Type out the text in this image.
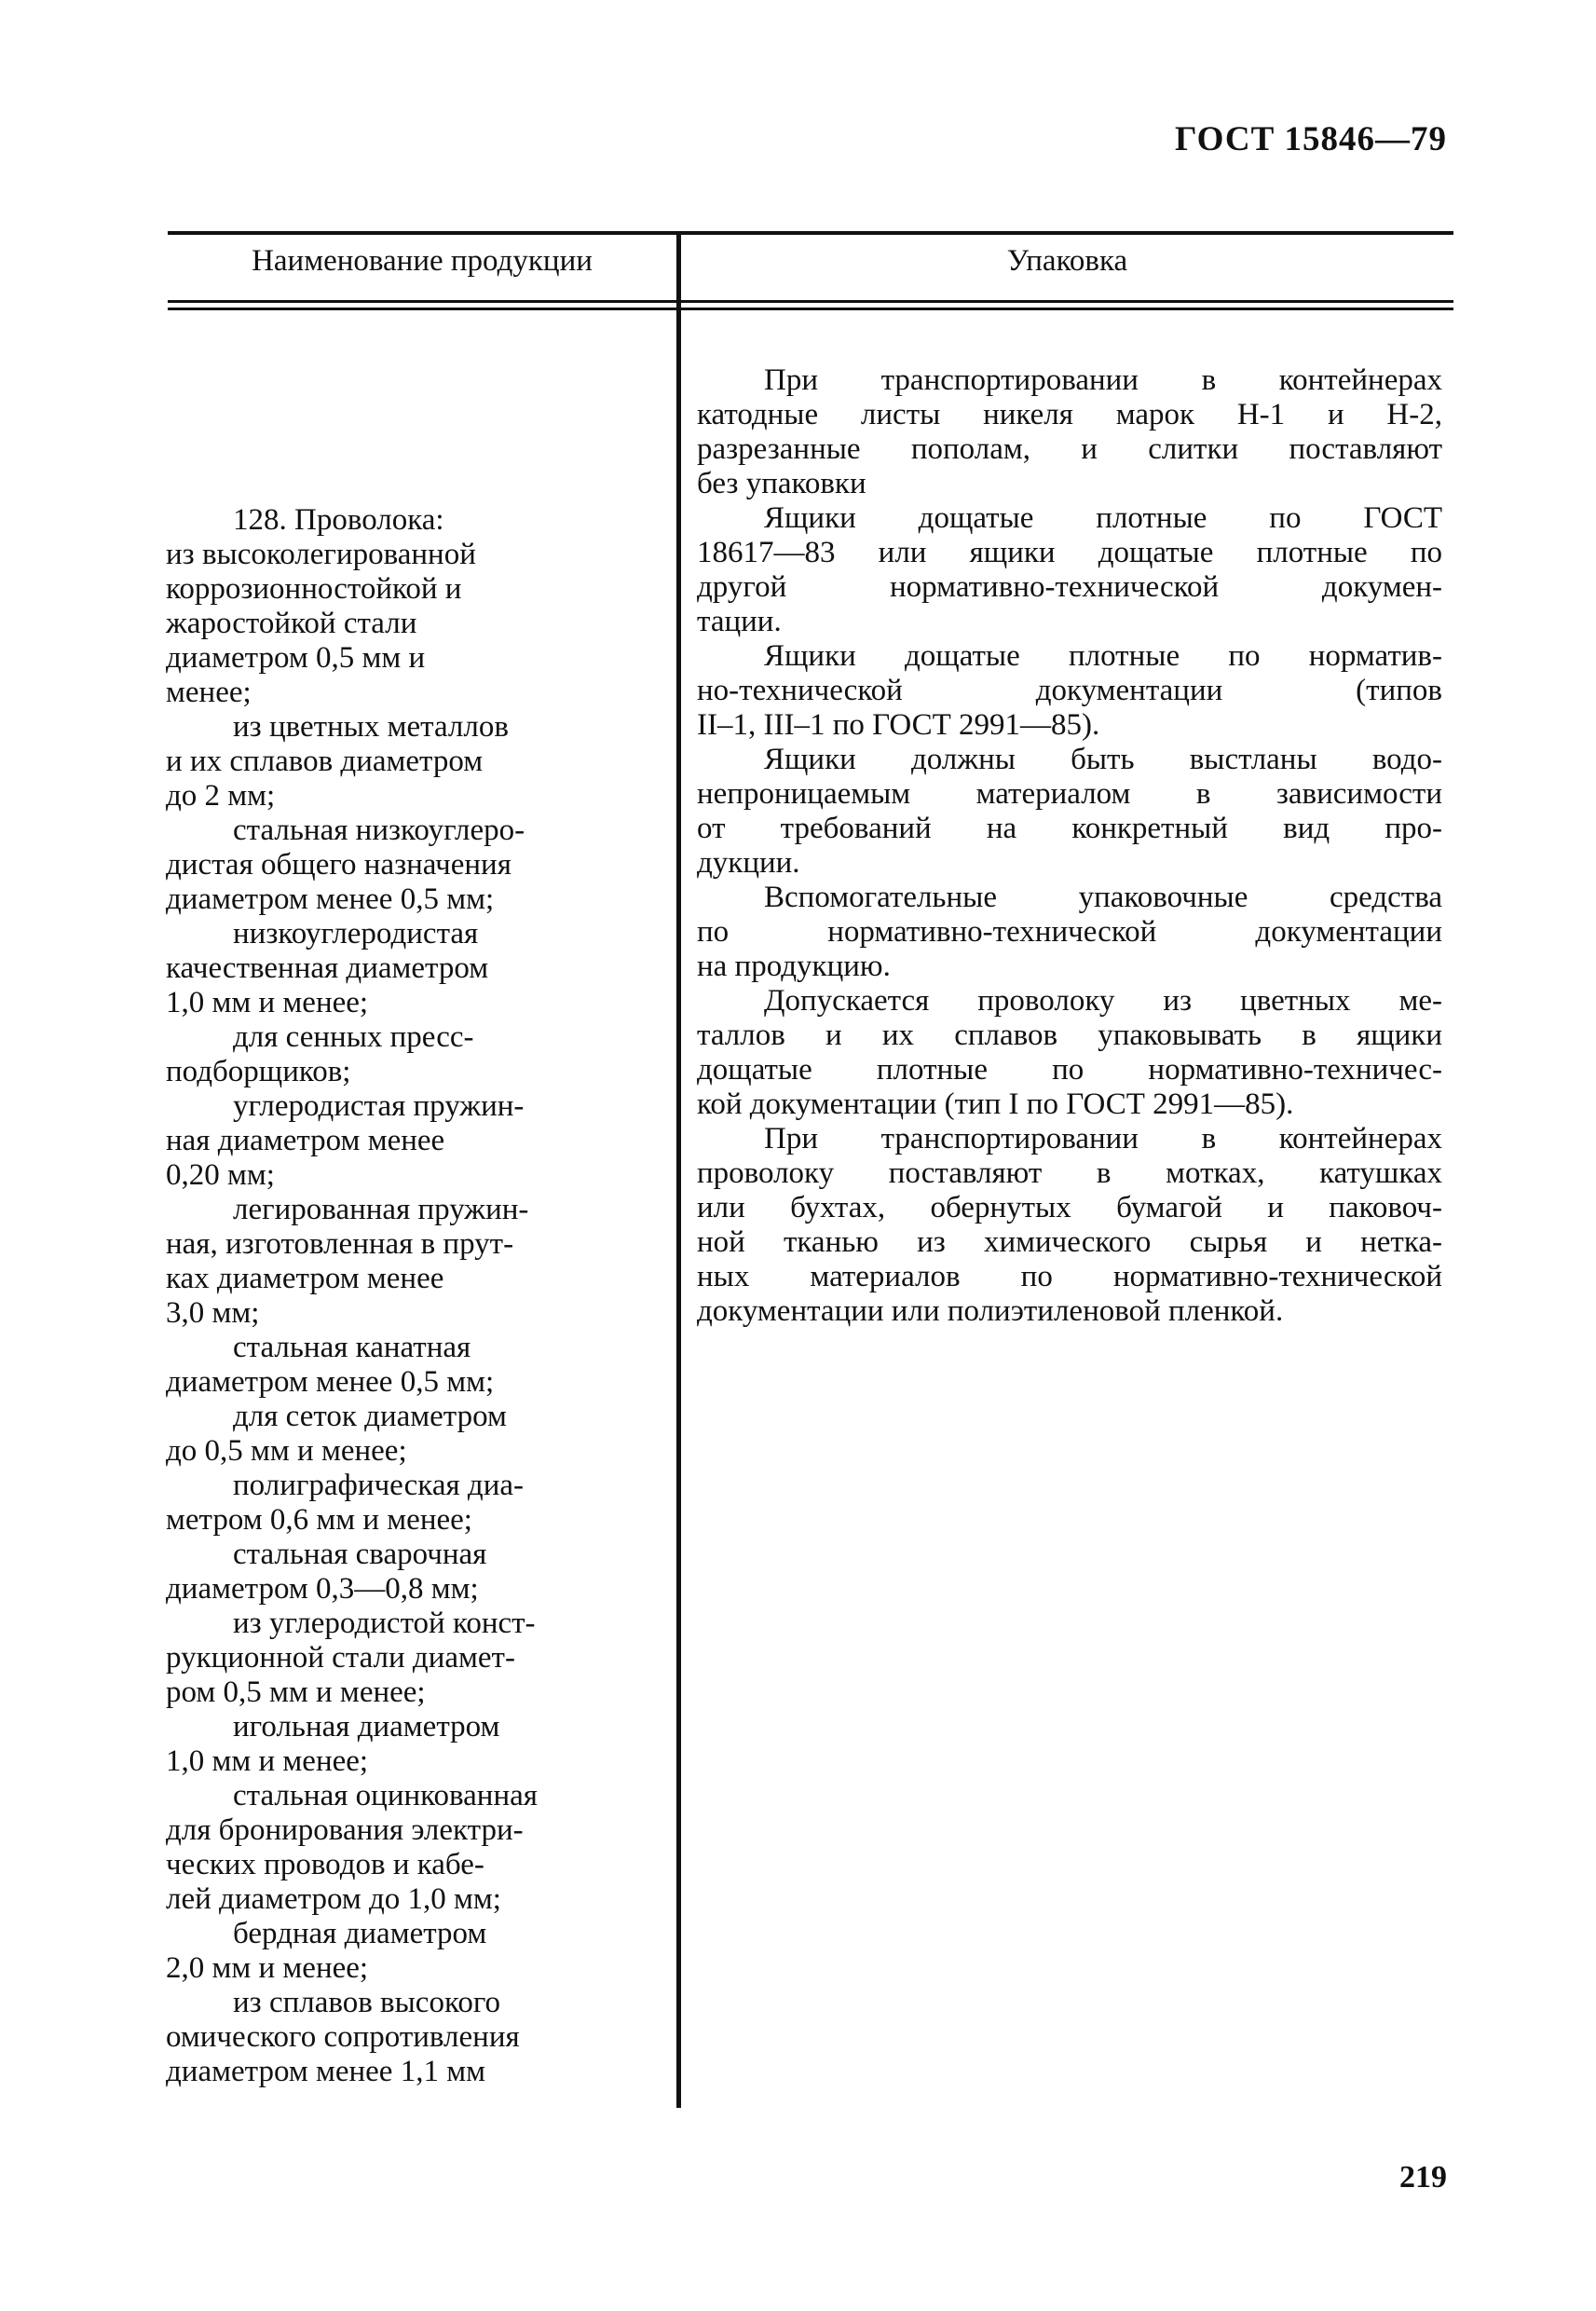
ГОСТ 15846—79
Наименование продукции	Упаковка
128. Проволока:
из высоколегированной
коррозионностойкой и
жаростойкой стали
диаметром 0,5 мм и
менее;
из цветных металлов
и их сплавов диаметром
до 2 мм;
стальная низкоуглеро-
дистая общего назначения
диаметром менее 0,5 мм;
низкоуглеродистая
качественная диаметром
1,0 мм и менее;
для сенных пресс-
подборщиков;
углеродистая пружин-
ная диаметром менее
0,20 мм;
легированная пружин-
ная, изготовленная в прут-
ках диаметром менее
3,0 мм;
стальная канатная
диаметром менее 0,5 мм;
для сеток диаметром
до 0,5 мм и менее;
полиграфическая диа-
метром 0,6 мм и менее;
стальная сварочная
диаметром 0,3—0,8 мм;
из углеродистой конст-
рукционной стали диамет-
ром 0,5 мм и менее;
игольная диаметром
1,0 мм и менее;
стальная оцинкованная
для бронирования электри-
ческих проводов и кабе-
лей диаметром до 1,0 мм;
бердная диаметром
2,0 мм и менее;
из сплавов высокого
омического сопротивления
диаметром менее 1,1 мм
При транспортировании в контейнерах
катодные листы никеля марок Н-1 и Н-2,
разрезанные пополам, и слитки поставляют
без упаковки
Ящики дощатые плотные по ГОСТ
18617—83 или ящики дощатые плотные по
другой нормативно-технической докумен-
тации.
Ящики дощатые плотные по норматив-
но-технической документации (типов
II–1, III–1 по ГОСТ 2991—85).
Ящики должны быть выстланы водо-
непроницаемым материалом в зависимости
от требований на конкретный вид про-
дукции.
Вспомогательные упаковочные средства
по нормативно-технической документации
на продукцию.
Допускается проволоку из цветных ме-
таллов и их сплавов упаковывать в ящики
дощатые плотные по нормативно-техничес-
кой документации (тип I по ГОСТ 2991—85).
При транспортировании в контейнерах
проволоку поставляют в мотках, катушках
или бухтах, обернутых бумагой и паковоч-
ной тканью из химического сырья и нетка-
ных материалов по нормативно-технической
документации или полиэтиленовой пленкой.
219
